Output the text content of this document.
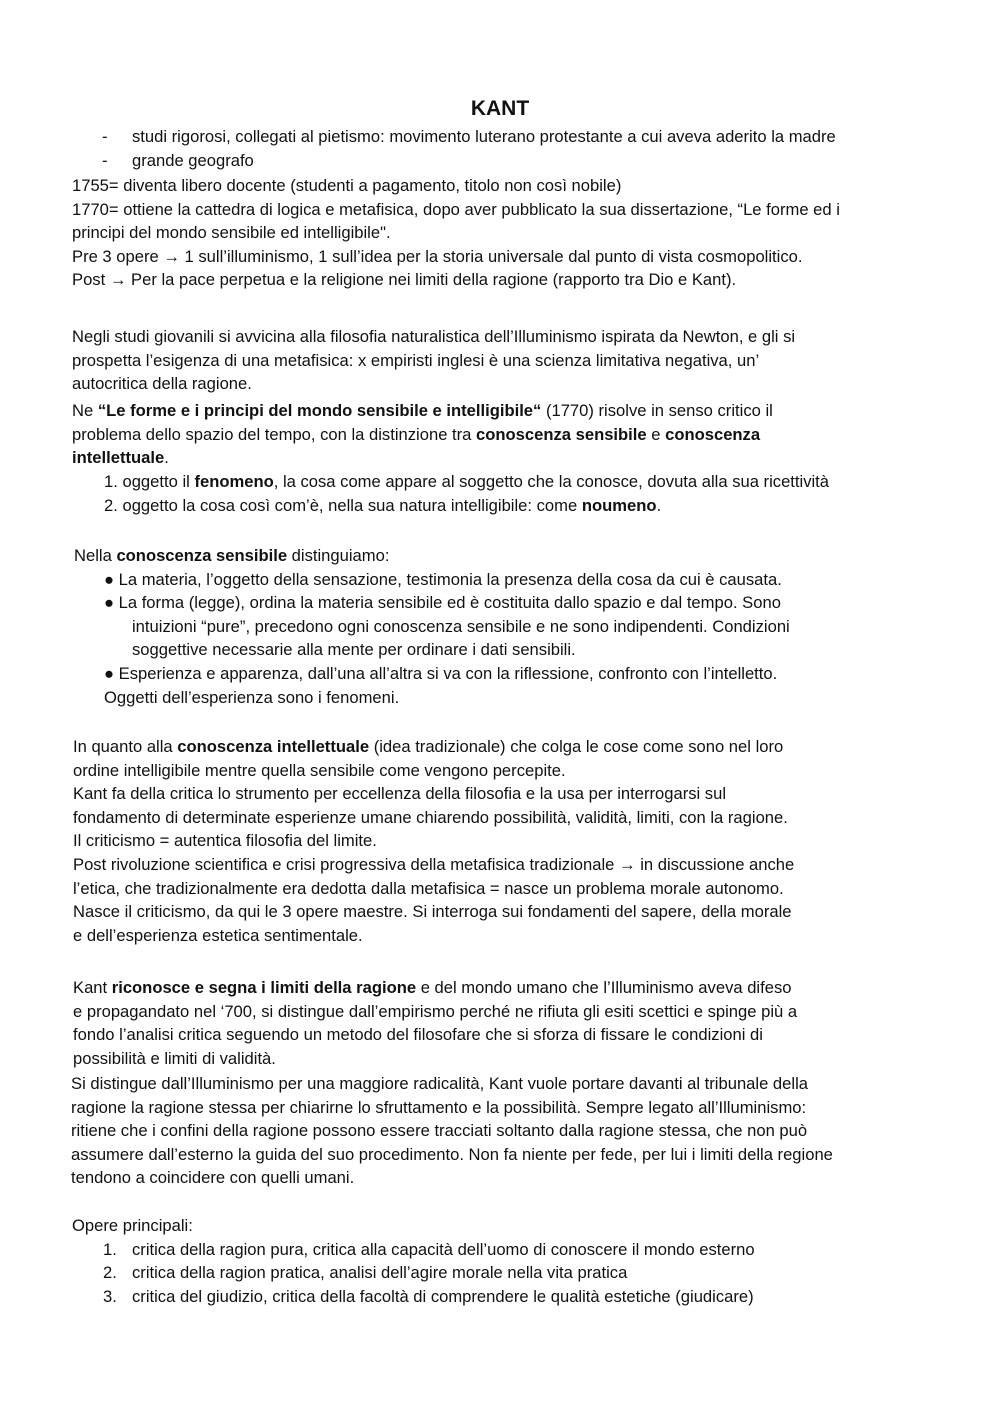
KANT
-	studi rigorosi, collegati al pietismo: movimento luterano protestante a cui aveva aderito la madre
-	grande geografo
1755= diventa libero docente (studenti a pagamento, titolo non così nobile)
1770= ottiene la cattedra di logica e metafisica, dopo aver pubblicato la sua dissertazione, “Le forme ed i
principi del mondo sensibile ed intelligibile".
Pre 3 opere → 1 sull’illuminismo, 1 sull’idea per la storia universale dal punto di vista cosmopolitico.
Post → Per la pace perpetua e la religione nei limiti della ragione (rapporto tra Dio e Kant).
Negli studi giovanili si avvicina alla filosofia naturalistica dell’Illuminismo ispirata da Newton, e gli si
prospetta l’esigenza di una metafisica: x empiristi inglesi è una scienza limitativa negativa, un’
autocritica della ragione.
Ne “Le forme e i principi del mondo sensibile e intelligibile“ (1770) risolve in senso critico il
problema dello spazio del tempo, con la distinzione tra conoscenza sensibile e conoscenza
intellettuale.
1. oggetto il fenomeno, la cosa come appare al soggetto che la conosce, dovuta alla sua ricettività
2. oggetto la cosa così com’è, nella sua natura intelligibile: come noumeno.
Nella conoscenza sensibile distinguiamo:
● La materia, l’oggetto della sensazione, testimonia la presenza della cosa da cui è causata.
● La forma (legge), ordina la materia sensibile ed è costituita dallo spazio e dal tempo. Sono
intuizioni “pure”, precedono ogni conoscenza sensibile e ne sono indipendenti. Condizioni
soggettive necessarie alla mente per ordinare i dati sensibili.
● Esperienza e apparenza, dall’una all’altra si va con la riflessione, confronto con l’intelletto.
Oggetti dell’esperienza sono i fenomeni.
In quanto alla conoscenza intellettuale (idea tradizionale) che colga le cose come sono nel loro
ordine intelligibile mentre quella sensibile come vengono percepite.
Kant fa della critica lo strumento per eccellenza della filosofia e la usa per interrogarsi sul
fondamento di determinate esperienze umane chiarendo possibilità, validità, limiti, con la ragione.
Il criticismo = autentica filosofia del limite.
Post rivoluzione scientifica e crisi progressiva della metafisica tradizionale → in discussione anche
l’etica, che tradizionalmente era dedotta dalla metafisica = nasce un problema morale autonomo.
Nasce il criticismo, da qui le 3 opere maestre. Si interroga sui fondamenti del sapere, della morale
e dell’esperienza estetica sentimentale.
Kant riconosce e segna i limiti della ragione e del mondo umano che l’Illuminismo aveva difeso
e propagandato nel ‘700, si distingue dall’empirismo perché ne rifiuta gli esiti scettici e spinge più a
fondo l’analisi critica seguendo un metodo del filosofare che si sforza di fissare le condizioni di
possibilità e limiti di validità.
Si distingue dall’Illuminismo per una maggiore radicalità, Kant vuole portare davanti al tribunale della
ragione la ragione stessa per chiarirne lo sfruttamento e la possibilità. Sempre legato all’Illuminismo:
ritiene che i confini della ragione possono essere tracciati soltanto dalla ragione stessa, che non può
assumere dall’esterno la guida del suo procedimento. Non fa niente per fede, per lui i limiti della regione
tendono a coincidere con quelli umani.
Opere principali:
1. critica della ragion pura, critica alla capacità dell’uomo di conoscere il mondo esterno
2. critica della ragion pratica, analisi dell’agire morale nella vita pratica
3. critica del giudizio, critica della facoltà di comprendere le qualità estetiche (giudicare)
